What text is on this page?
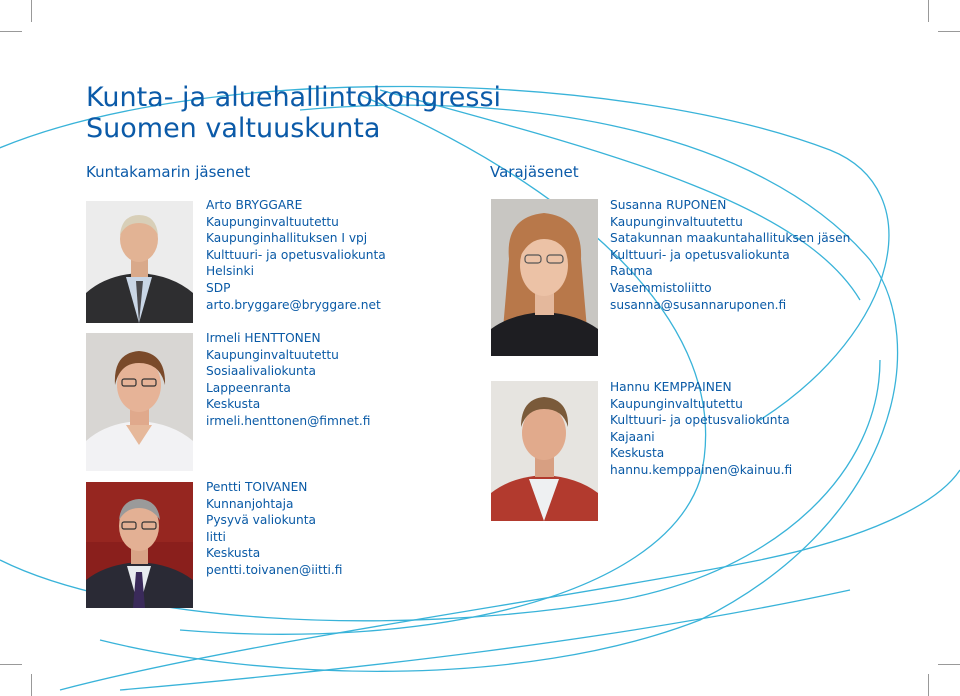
Kunta- ja aluehallintokongressi
Suomen valtuuskunta
Kuntakamarin jäsenet	Varajäsenet
Arto BRYGGARE
Kaupunginvaltuutettu
Kaupunginhallituksen I vpj
Kulttuuri- ja opetusvaliokunta
Helsinki
SDP
arto.bryggare@bryggare.net
Irmeli HENTTONEN
Kaupunginvaltuutettu
Sosiaalivaliokunta
Lappeenranta
Keskusta
irmeli.henttonen@fimnet.fi
Pentti TOIVANEN
Kunnanjohtaja
Pysyvä valiokunta
Iitti
Keskusta
pentti.toivanen@iitti.fi
Susanna RUPONEN
Kaupunginvaltuutettu
Satakunnan maakuntahallituksen jäsen
Kulttuuri- ja opetusvaliokunta
Rauma
Vasemmistoliitto
susanna@susannaruponen.fi
Hannu KEMPPAINEN
Kaupunginvaltuutettu
Kulttuuri- ja opetusvaliokunta
Kajaani
Keskusta
hannu.kemppainen@kainuu.fi
